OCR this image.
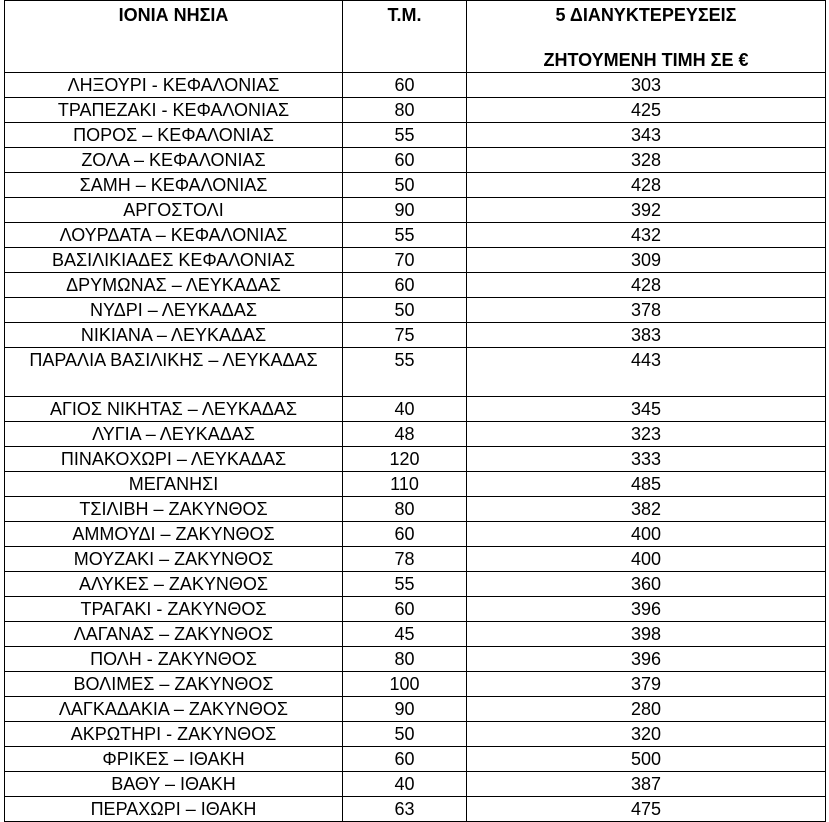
ΙΟΝΙΑ ΝΗΣΙΑ	Τ.Μ.	5 ΔΙΑΝΥΚΤΕΡΕΥΣΕΙΣ
ΖΗΤΟΥΜΕΝΗ ΤΙΜΗ ΣΕ €

ΛΗΞΟΥΡΙ - ΚΕΦΑΛΟΝΙΑΣ	60	303
ΤΡΑΠΕΖΑΚΙ - ΚΕΦΑΛΟΝΙΑΣ	80	425
ΠΟΡΟΣ – ΚΕΦΑΛΟΝΙΑΣ	55	343
ΖΟΛΑ – ΚΕΦΑΛΟΝΙΑΣ	60	328
ΣΑΜΗ – ΚΕΦΑΛΟΝΙΑΣ	50	428
ΑΡΓΟΣΤΟΛΙ	90	392
ΛΟΥΡΔΑΤΑ – ΚΕΦΑΛΟΝΙΑΣ	55	432
ΒΑΣΙΛΙΚΙΑΔΕΣ ΚΕΦΑΛΟΝΙΑΣ	70	309
ΔΡΥΜΩΝΑΣ – ΛΕΥΚΑΔΑΣ	60	428
ΝΥΔΡΙ – ΛΕΥΚΑΔΑΣ	50	378
ΝΙΚΙΑΝΑ – ΛΕΥΚΑΔΑΣ	75	383
ΠΑΡΑΛΙΑ ΒΑΣΙΛΙΚΗΣ – ΛΕΥΚΑΔΑΣ	55	443
ΑΓΙΟΣ ΝΙΚΗΤΑΣ – ΛΕΥΚΑΔΑΣ	40	345
ΛΥΓΙΑ – ΛΕΥΚΑΔΑΣ	48	323
ΠΙΝΑΚΟΧΩΡΙ – ΛΕΥΚΑΔΑΣ	120	333
ΜΕΓΑΝΗΣΙ	110	485
ΤΣΙΛΙΒΗ – ΖΑΚΥΝΘΟΣ	80	382
ΑΜΜΟΥΔΙ – ΖΑΚΥΝΘΟΣ	60	400
ΜΟΥΖΑΚΙ – ΖΑΚΥΝΘΟΣ	78	400
ΑΛΥΚΕΣ – ΖΑΚΥΝΘΟΣ	55	360
ΤΡΑΓΑΚΙ - ΖΑΚΥΝΘΟΣ	60	396
ΛΑΓΑΝΑΣ – ΖΑΚΥΝΘΟΣ	45	398
ΠΟΛΗ - ΖΑΚΥΝΘΟΣ	80	396
ΒΟΛΙΜΕΣ – ΖΑΚΥΝΘΟΣ	100	379
ΛΑΓΚΑΔΑΚΙΑ – ΖΑΚΥΝΘΟΣ	90	280
ΑΚΡΩΤΗΡΙ - ΖΑΚΥΝΘΟΣ	50	320
ΦΡΙΚΕΣ – ΙΘΑΚΗ	60	500
ΒΑΘΥ – ΙΘΑΚΗ	40	387
ΠΕΡΑΧΩΡΙ – ΙΘΑΚΗ	63	475
